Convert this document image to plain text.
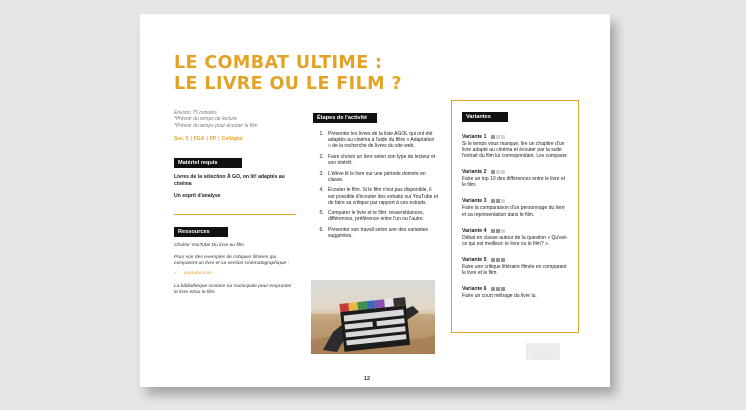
LE COMBAT ULTIME :
LE LIVRE OU LE FILM ?
Environ 75 minutes
*Prévoir du temps de lecture
*Prévoir du temps pour écouter le film
Sec. 5 | FGA | FP | Collégial
Matériel requis

Livres de la sélection À GO, on lit! adaptés au cinéma

Un esprit d'analyse

Ressources

Chaîne YouTube Du livre au film

Pour voir des exemples de critiques filmées qui comparent un livre et sa version cinématographique :

• youtube.com

La bibliothèque scolaire ou municipale pour emprunter le livre et/ou le film.

Étapes de l'activité
1. Présenter les livres de la liste AGOL qui ont été adaptés au cinéma à l'aide du filtre « Adaptation » de la recherche de livres du site web.
2. Faire choisir un livre selon son type de lecteur et son intérêt.
3. L'élève lit le livre sur une période donnée en classe.
4. Écouter le film. Si le film n'est pas disponible, il est possible d'écouter des extraits sur YouTube et de faire sa critique par rapport à ces extraits.
5. Comparer le livre et le film: ressemblances, différences, préférence entre l'un ou l'autre.
6. Présenter son travail selon une des variantes suggérées.
12
Variantes
Variante 1

Si le temps vous manque, lire un chapitre d'un livre adapté au cinéma et écouter par la suite l'extrait du film lui correspondant. Les comparer.

Variante 2

Faire un top 10 des différences entre le livre et le film.

Variante 3

Faire la comparaison d'un personnage du livre et sa représentation dans le film.

Variante 4

Débat en classe autour de la question « Qu'est-ce qui est meilleur: le livre ou le film? ».

Variante 5

Faire une critique littéraire filmée en comparant le livre et le film.

Variante 6

Faire un court métrage du livre lu.

À GO
ON LIT!
